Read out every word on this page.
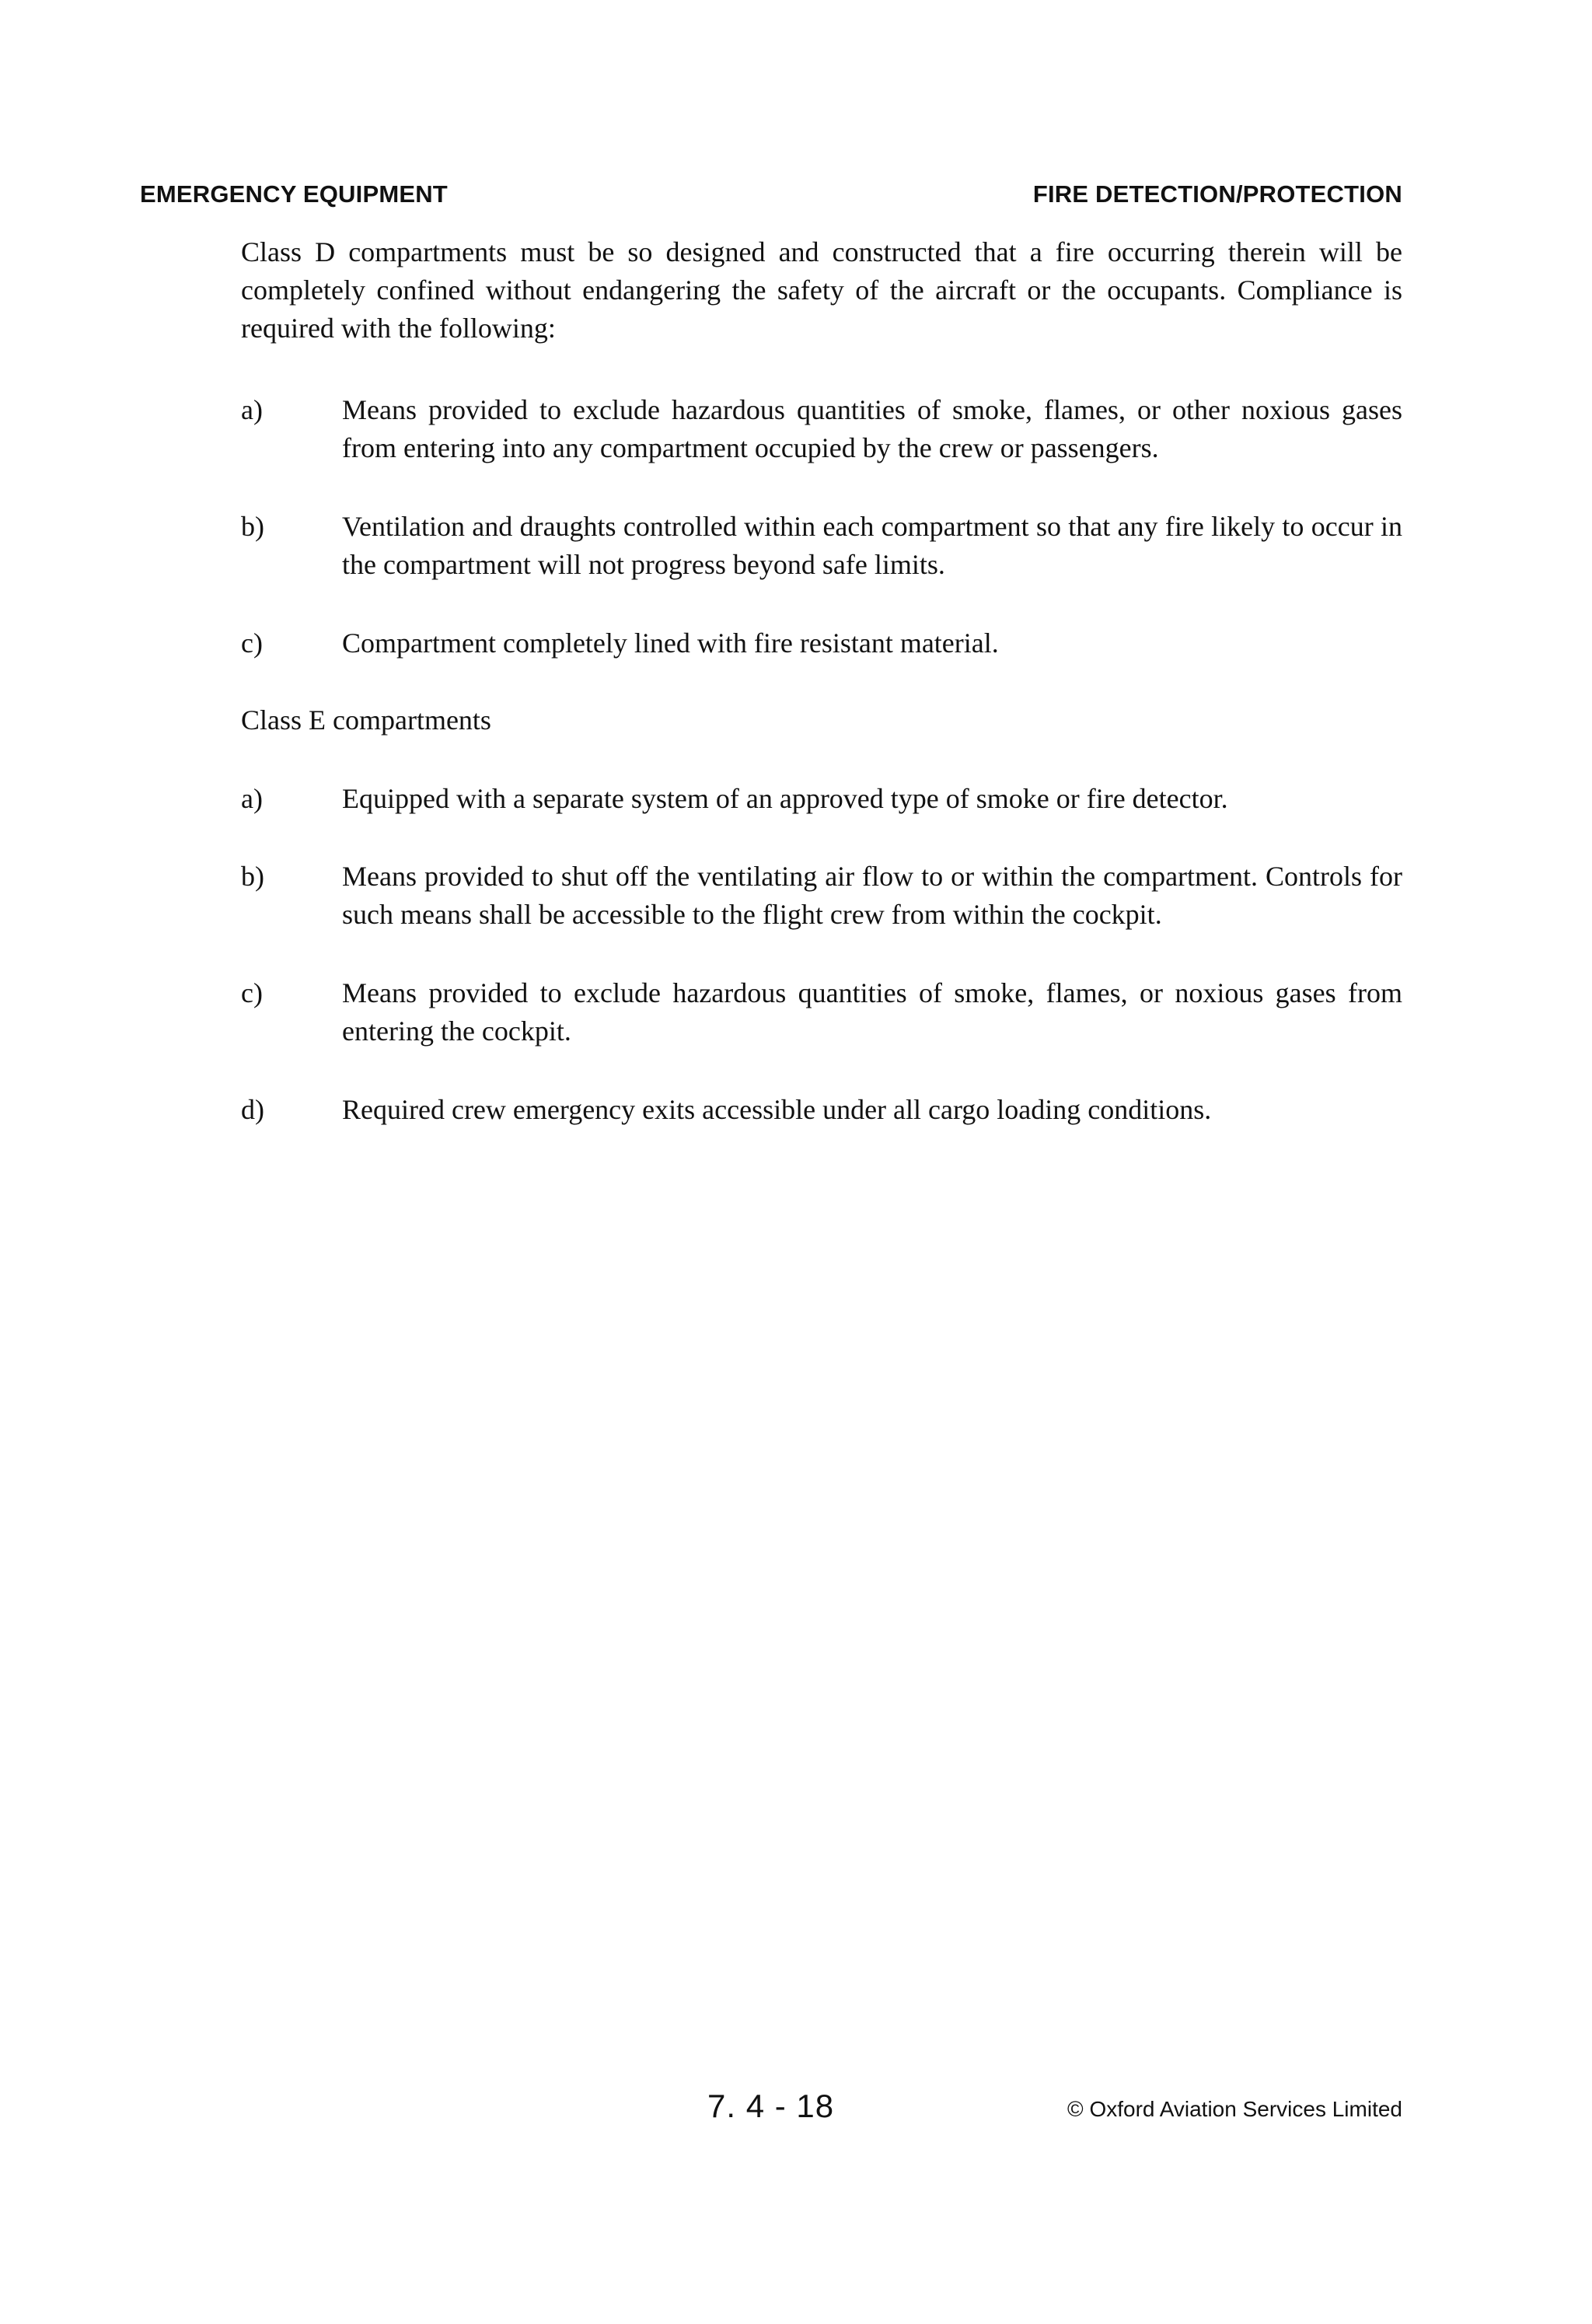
EMERGENCY EQUIPMENT	FIRE DETECTION/PROTECTION
Class D compartments must be so designed and constructed that a fire occurring therein will be completely confined without endangering the safety of the aircraft or the occupants. Compliance is required with the following:
a)	Means provided to exclude hazardous quantities of smoke, flames, or other noxious gases from entering into any compartment occupied by the crew or passengers.
b)	Ventilation and draughts controlled within each compartment so that any fire likely to occur in the compartment will not progress beyond safe limits.
c)	Compartment completely lined with fire resistant material.
Class E compartments
a)	Equipped with a separate system of an approved type of smoke or fire detector.
b)	Means provided to shut off the ventilating air flow to or within the compartment. Controls for such means shall be accessible to the flight crew from within the cockpit.
c)	Means provided to exclude hazardous quantities of smoke, flames, or noxious gases from entering the cockpit.
d)	Required crew emergency exits accessible under all cargo loading conditions.
7. 4 - 18	© Oxford Aviation Services Limited
